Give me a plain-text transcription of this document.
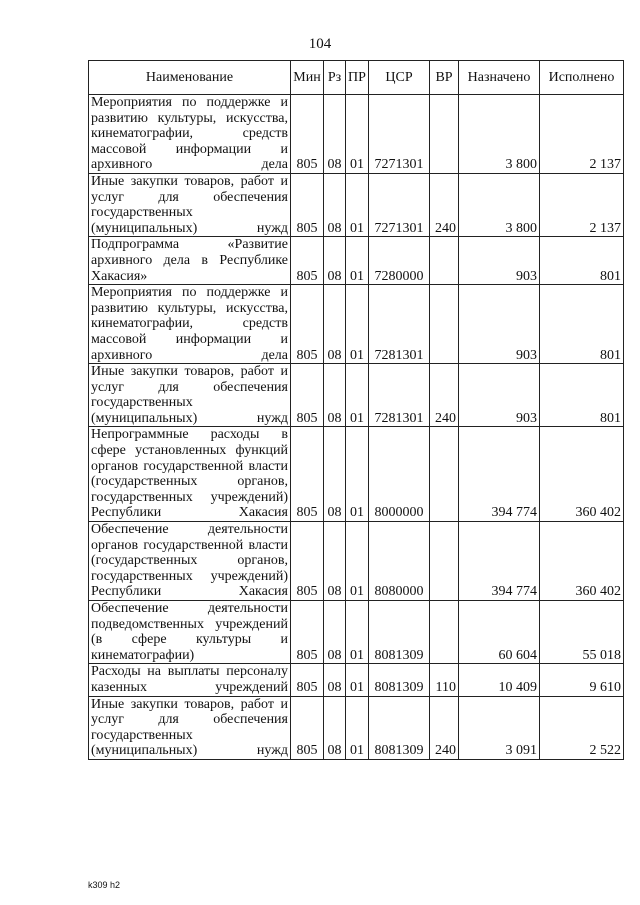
104
Наименование	Мин	Рз	ПР	ЦСР	ВР	Назначено	Исполнено
Мероприятия по поддержке и развитию культуры, искусства, кинематографии, средств массовой информации и архивного дела	805	08	01	7271301		3 800	2 137
Иные закупки товаров, работ и услуг для обеспечения государственных (муниципальных) нужд	805	08	01	7271301	240	3 800	2 137
Подпрограмма «Развитие архивного дела в Республике Хакасия»	805	08	01	7280000		903	801
Мероприятия по поддержке и развитию культуры, искусства, кинематографии, средств массовой информации и архивного дела	805	08	01	7281301		903	801
Иные закупки товаров, работ и услуг для обеспечения государственных (муниципальных) нужд	805	08	01	7281301	240	903	801
Непрограммные расходы в сфере установленных функций органов государственной власти (государственных органов, государственных учреждений) Республики Хакасия	805	08	01	8000000		394 774	360 402
Обеспечение деятельности органов государственной власти (государственных органов, государственных учреждений) Республики Хакасия	805	08	01	8080000		394 774	360 402
Обеспечение деятельности подведомственных учреждений (в сфере культуры и кинематографии)	805	08	01	8081309		60 604	55 018
Расходы на выплаты персоналу казенных учреждений	805	08	01	8081309	110	10 409	9 610
Иные закупки товаров, работ и услуг для обеспечения государственных (муниципальных) нужд	805	08	01	8081309	240	3 091	2 522
k309 h2
